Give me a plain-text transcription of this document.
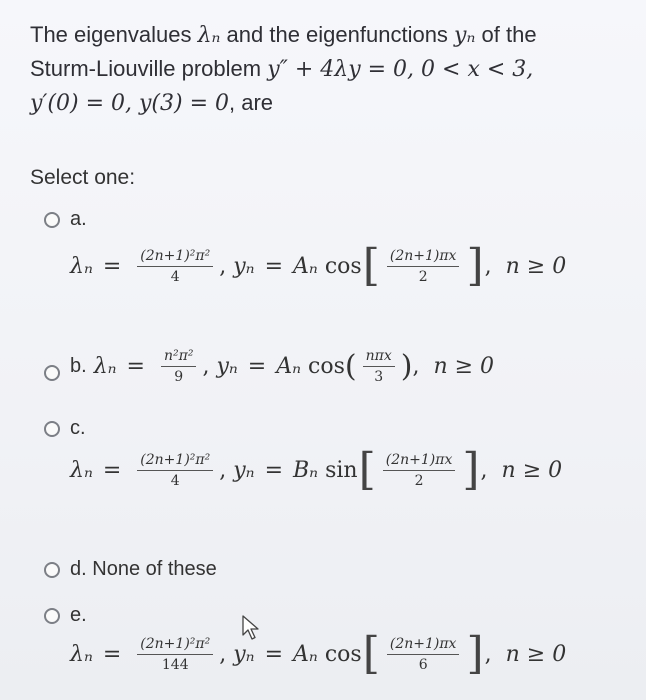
The eigenvalues λₙ and the eigenfunctions yₙ of the
Sturm-Liouville problem y″ + 4λy = 0, 0 < x < 3,
y′(0) = 0, y(3) = 0, are
Select one:
a.
$\lambda_n = \frac{\text{(2n+1)²π²}}{4}$ , yₙ = Aₙ
cos [ $\frac{(2n+1)\pi x}{2}$ ] , n ≥ 0
b.
$\lambda_n = \frac{\text{n²π²}}{9}$ , yₙ = Aₙ
cos ( $\frac{\text{nπx}}{3}$ ) , n ≥ 0
c.
$\lambda_n = \frac{\text{(2n+1)²π²}}{4}$ , yₙ = Bₙ
sin [ $\frac{(2n+1)\pi x}{2}$ ] , n ≥ 0
d. None of these
e.
$\lambda_n = \frac{\text{(2n+1)²π²}}{144}$ , yₙ = Aₙ
cos [ $\frac{(2n+1)\pi x}{6}$ ] , n ≥ 0
